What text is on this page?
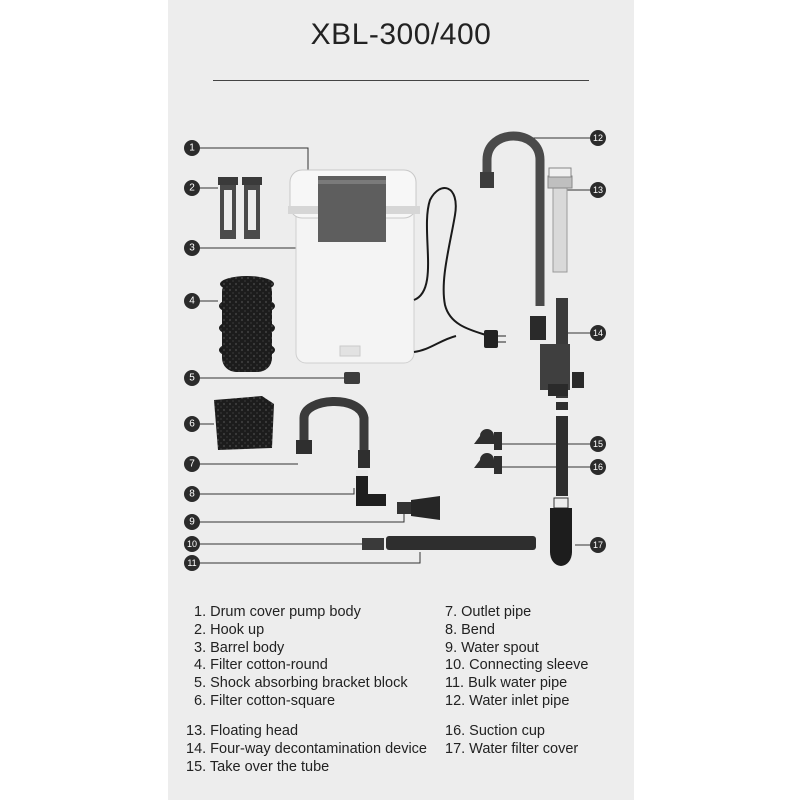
XBL-300/400
1
2
3
4
5
6
7
8
9
10
11
12
13
14
15
16
17
1. Drum cover pump body
2. Hook up
3. Barrel body
4. Filter cotton-round
5. Shock absorbing bracket block
6. Filter cotton-square
7. Outlet pipe
8. Bend
9. Water spout
10. Connecting sleeve
11. Bulk water pipe
12. Water inlet pipe
13. Floating head
14. Four-way decontamination device
15. Take over the tube
16. Suction cup
17. Water filter cover
